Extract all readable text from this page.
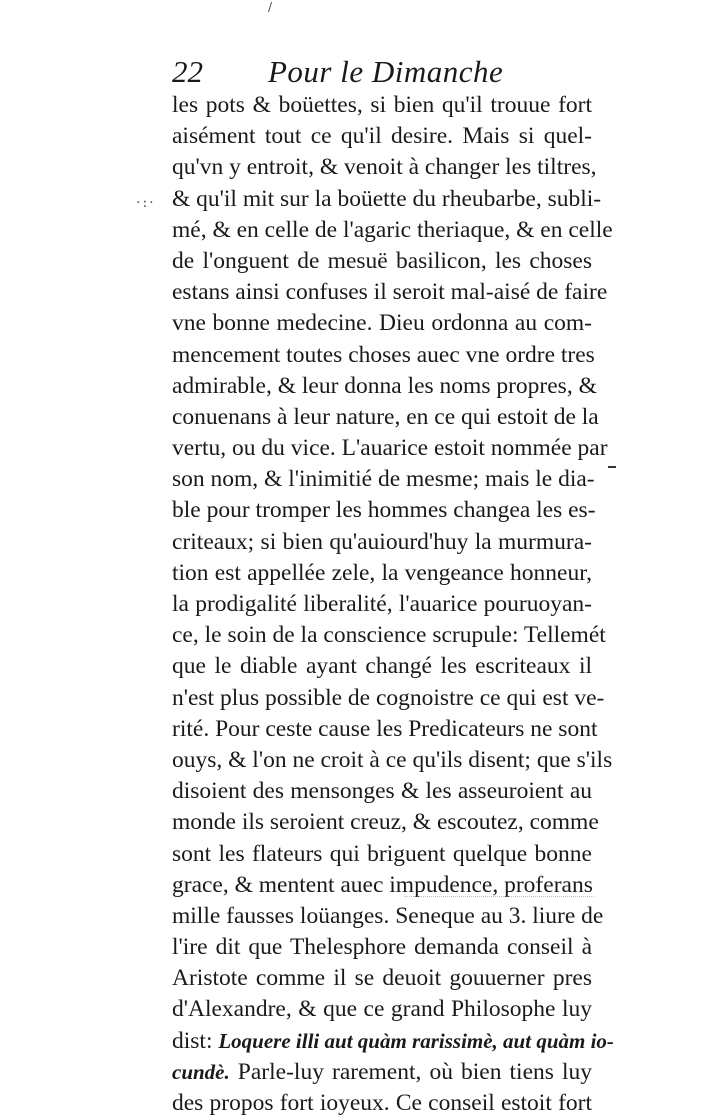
/
22 Pour le Dimanche
·:·
les pots & boüettes, si bien qu'il trouue fort
aisément tout ce qu'il desire. Mais si quel-
qu'vn y entroit, & venoit à changer les tiltres,
& qu'il mit sur la boüette du rheubarbe, subli-
mé, & en celle de l'agaric theriaque, & en celle
de l'onguent de mesuë basilicon, les choses
estans ainsi confuses il seroit mal-aisé de faire
vne bonne medecine. Dieu ordonna au com-
mencement toutes choses auec vne ordre tres
admirable, & leur donna les noms propres, &
conuenans à leur nature, en ce qui estoit de la
vertu, ou du vice. L'auarice estoit nommée par
son nom, & l'inimitié de mesme; mais le dia-
ble pour tromper les hommes changea les es-
criteaux; si bien qu'auiourd'huy la murmura-
tion est appellée zele, la vengeance honneur,
la prodigalité liberalité, l'auarice pouruoyan-
ce, le soin de la conscience scrupule: Tellemét
que le diable ayant changé les escriteaux il
n'est plus possible de cognoistre ce qui est ve-
rité. Pour ceste cause les Predicateurs ne sont
ouys, & l'on ne croit à ce qu'ils disent; que s'ils
disoient des mensonges & les asseuroient au
monde ils seroient creuz, & escoutez, comme
sont les flateurs qui briguent quelque bonne
grace, & mentent auec impudence, proferans
mille fausses loüanges. Seneque au 3. liure de
l'ire dit que Thelesphore demanda conseil à
Aristote comme il se deuoit gouuerner pres
d'Alexandre, & que ce grand Philosophe luy
dist: Loquere illi aut quàm rarissimè, aut quàm io-
cundè. Parle-luy rarement, où bien tiens luy
des propos fort ioyeux. Ce conseil estoit fort
